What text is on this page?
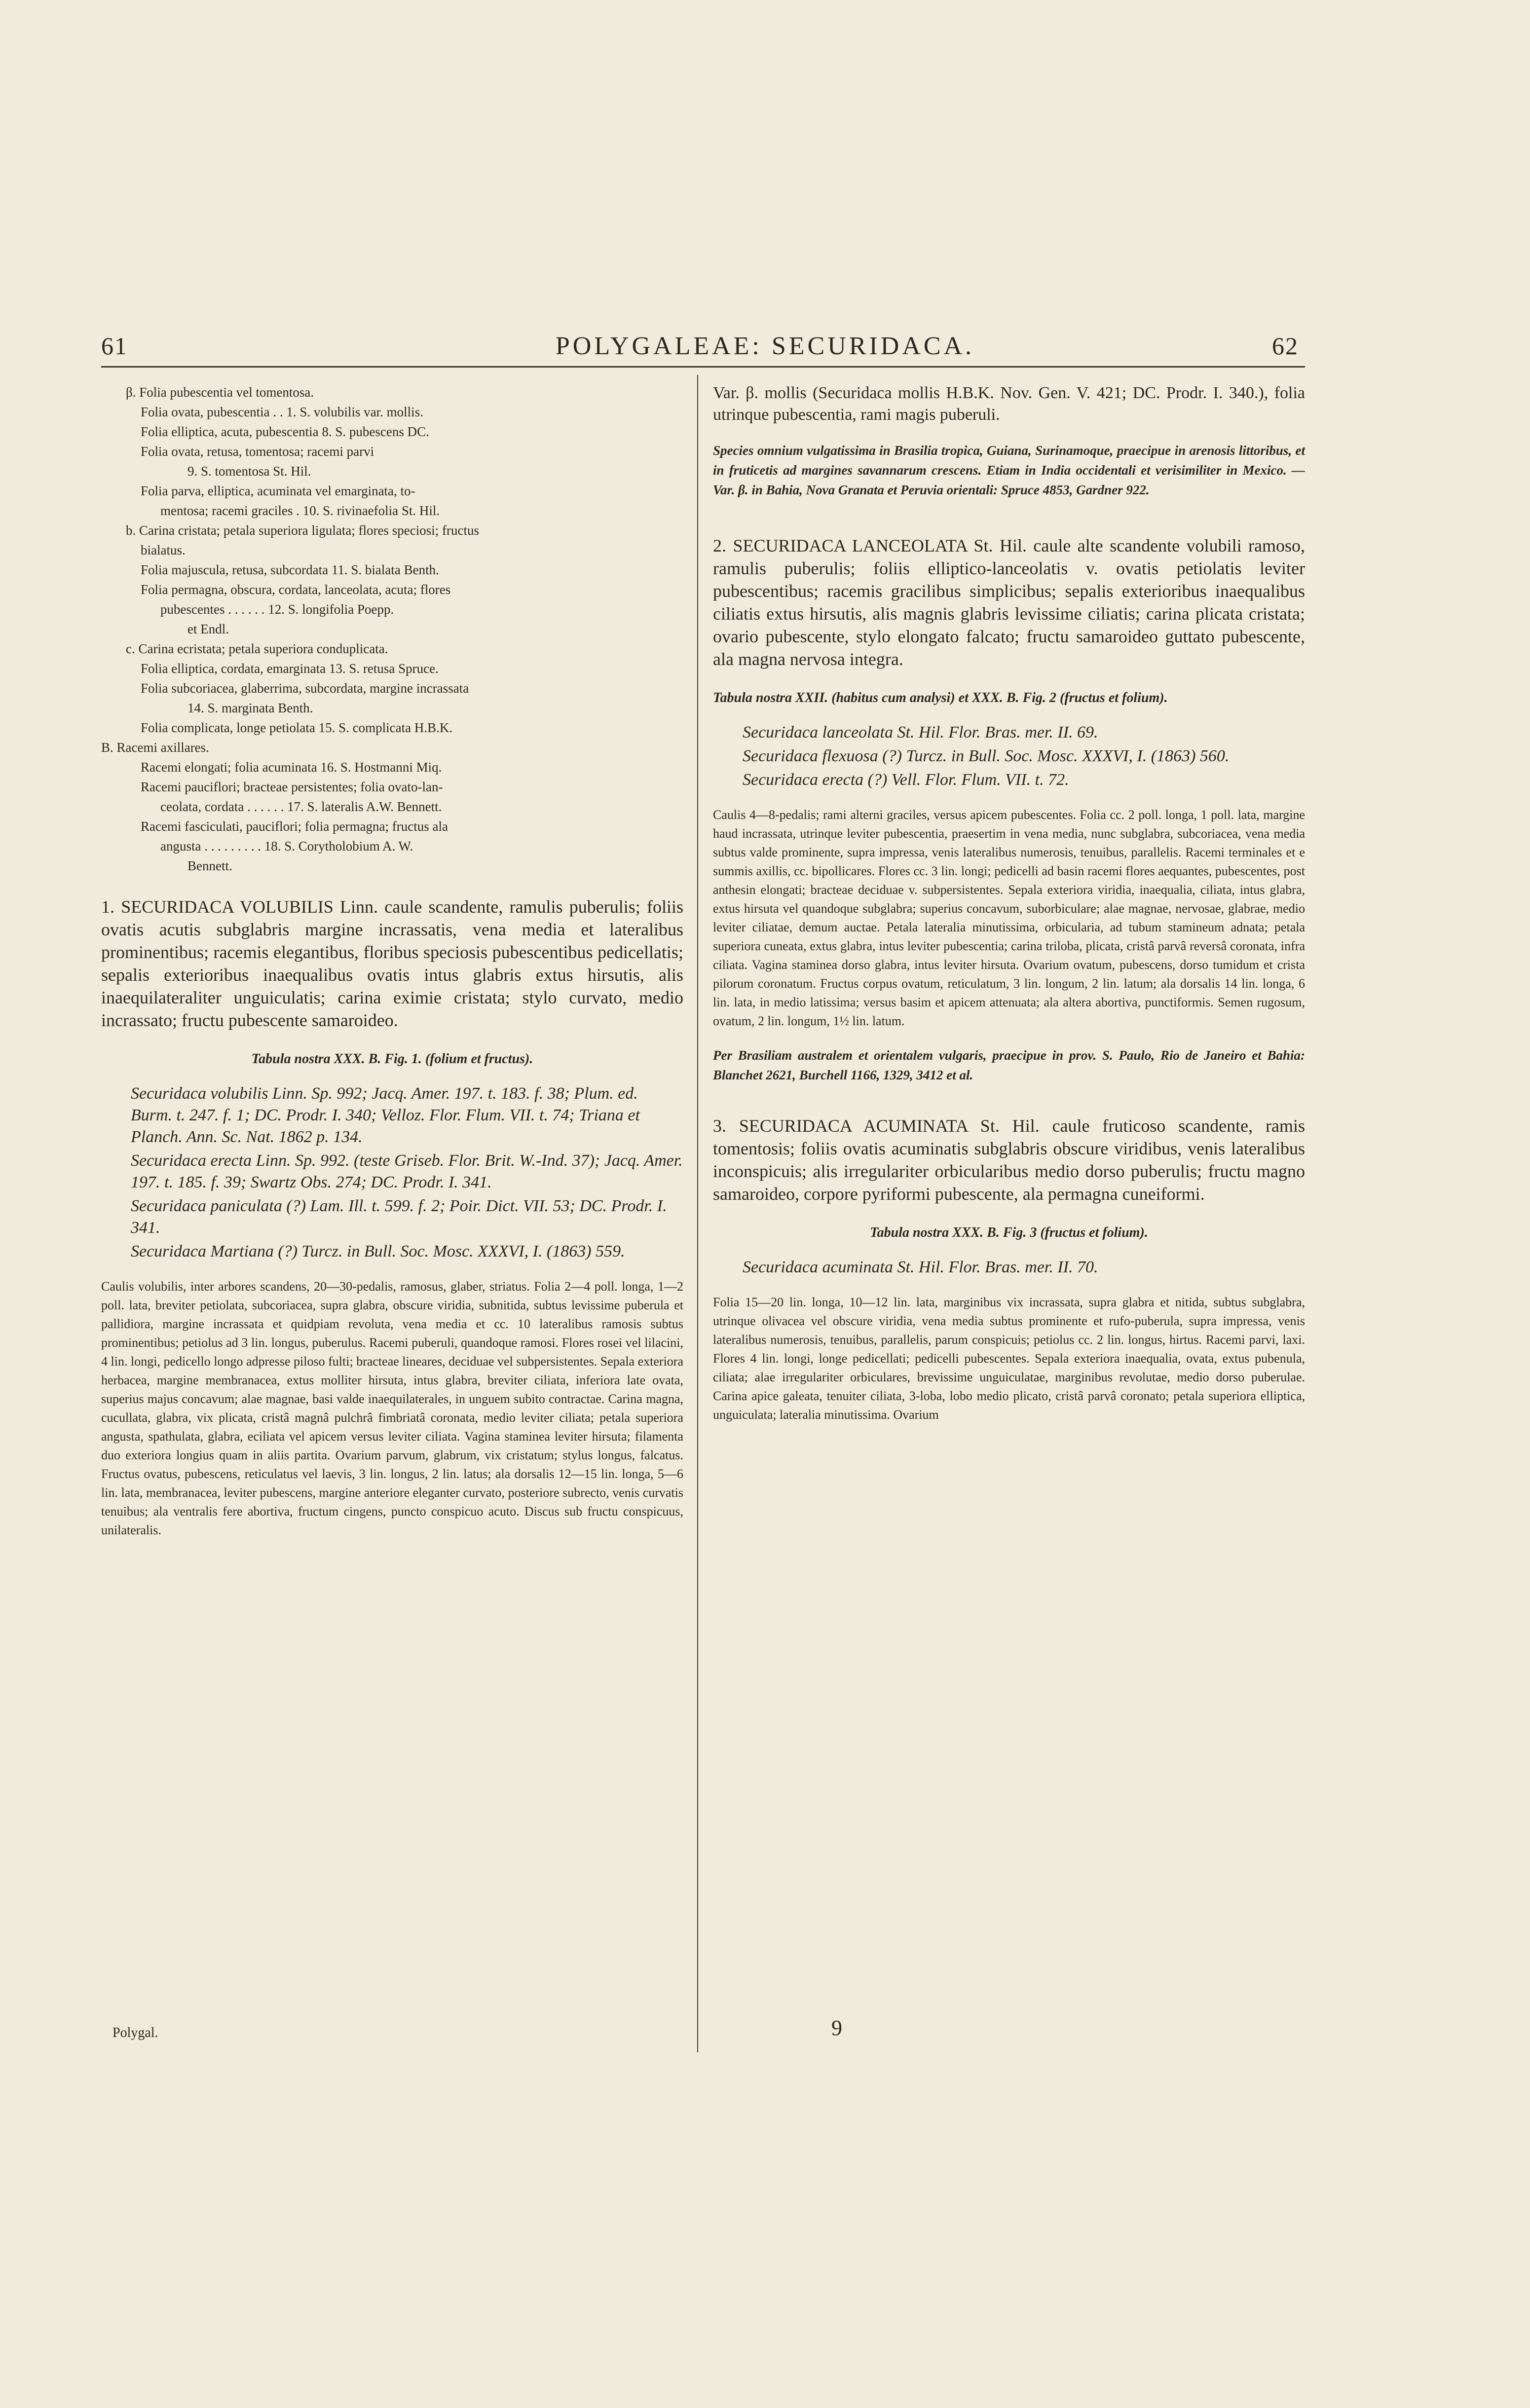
61	POLYGALEAE: SECURIDACA.	62
β. Folia pubescentia vel tomentosa.
Folia ovata, pubescentia . . 1. S. volubilis var. mollis.
Folia elliptica, acuta, pubescentia 8. S. pubescens DC.
Folia ovata, retusa, tomentosa; racemi parvi
9. S. tomentosa St. Hil.
Folia parva, elliptica, acuminata vel emarginata, to-
mentosa; racemi graciles . 10. S. rivinaefolia St. Hil.
b. Carina cristata; petala superiora ligulata; flores speciosi; fructus
bialatus.
Folia majuscula, retusa, subcordata 11. S. bialata Benth.
Folia permagna, obscura, cordata, lanceolata, acuta; flores
pubescentes . . . . . . 12. S. longifolia Poepp.
et Endl.
c. Carina ecristata; petala superiora conduplicata.
Folia elliptica, cordata, emarginata 13. S. retusa Spruce.
Folia subcoriacea, glaberrima, subcordata, margine incrassata
14. S. marginata Benth.
Folia complicata, longe petiolata 15. S. complicata H.B.K.
B. Racemi axillares.
Racemi elongati; folia acuminata 16. S. Hostmanni Miq.
Racemi pauciflori; bracteae persistentes; folia ovato-lan-
ceolata, cordata . . . . . . 17. S. lateralis A.W. Bennett.
Racemi fasciculati, pauciflori; folia permagna; fructus ala
angusta . . . . . . . . . 18. S. Corytholobium A. W.
Bennett.

1. SECURIDACA VOLUBILIS Linn. caule scandente, ramulis puberulis; foliis ovatis acutis subglabris margine incrassatis, vena media et lateralibus prominentibus; racemis elegantibus, floribus speciosis pubescentibus pedicellatis; sepalis exterioribus inaequalibus ovatis intus glabris extus hirsutis, alis inaequilateraliter unguiculatis; carina eximie cristata; stylo curvato, medio incrassato; fructu pubescente samaroideo.

Tabula nostra XXX. B. Fig. 1. (folium et fructus).

Securidaca volubilis Linn. Sp. 992; Jacq. Amer. 197. t. 183. f. 38; Plum. ed. Burm. t. 247. f. 1; DC. Prodr. I. 340; Velloz. Flor. Flum. VII. t. 74; Triana et Planch. Ann. Sc. Nat. 1862 p. 134.

Securidaca erecta Linn. Sp. 992. (teste Griseb. Flor. Brit. W.-Ind. 37); Jacq. Amer. 197. t. 185. f. 39; Swartz Obs. 274; DC. Prodr. I. 341.

Securidaca paniculata (?) Lam. Ill. t. 599. f. 2; Poir. Dict. VII. 53; DC. Prodr. I. 341.

Securidaca Martiana (?) Turcz. in Bull. Soc. Mosc. XXXVI, I. (1863) 559.

Caulis volubilis, inter arbores scandens, 20—30-pedalis, ramosus, glaber, striatus. Folia 2—4 poll. longa, 1—2 poll. lata, breviter petiolata, subcoriacea, supra glabra, obscure viridia, subnitida, subtus levissime puberula et pallidiora, margine incrassata et quidpiam revoluta, vena media et cc. 10 lateralibus ramosis subtus prominentibus; petiolus ad 3 lin. longus, puberulus. Racemi puberuli, quandoque ramosi. Flores rosei vel lilacini, 4 lin. longi, pedicello longo adpresse piloso fulti; bracteae lineares, deciduae vel subpersistentes. Sepala exteriora herbacea, margine membranacea, extus molliter hirsuta, intus glabra, breviter ciliata, inferiora late ovata, superius majus concavum; alae magnae, basi valde inaequilaterales, in unguem subito contractae. Carina magna, cucullata, glabra, vix plicata, cristâ magnâ pulchrâ fimbriatâ coronata, medio leviter ciliata; petala superiora angusta, spathulata, glabra, eciliata vel apicem versus leviter ciliata. Vagina staminea leviter hirsuta; filamenta duo exteriora longius quam in aliis partita. Ovarium parvum, glabrum, vix cristatum; stylus longus, falcatus. Fructus ovatus, pubescens, reticulatus vel laevis, 3 lin. longus, 2 lin. latus; ala dorsalis 12—15 lin. longa, 5—6 lin. lata, membranacea, leviter pubescens, margine anteriore eleganter curvato, posteriore subrecto, venis curvatis tenuibus; ala ventralis fere abortiva, fructum cingens, puncto conspicuo acuto. Discus sub fructu conspicuus, unilateralis.

Polygal.

Var. β. mollis (Securidaca mollis H.B.K. Nov. Gen. V. 421; DC. Prodr. I. 340.), folia utrinque pubescentia, rami magis puberuli.

Species omnium vulgatissima in Brasilia tropica, Guiana, Surinamoque, praecipue in arenosis littoribus, et in fruticetis ad margines savannarum crescens. Etiam in India occidentali et verisimiliter in Mexico. — Var. β. in Bahia, Nova Granata et Peruvia orientali: Spruce 4853, Gardner 922.

2. SECURIDACA LANCEOLATA St. Hil. caule alte scandente volubili ramoso, ramulis puberulis; foliis elliptico-lanceolatis v. ovatis petiolatis leviter pubescentibus; racemis gracilibus simplicibus; sepalis exterioribus inaequalibus ciliatis extus hirsutis, alis magnis glabris levissime ciliatis; carina plicata cristata; ovario pubescente, stylo elongato falcato; fructu samaroideo guttato pubescente, ala magna nervosa integra.

Tabula nostra XXII. (habitus cum analysi) et XXX. B. Fig. 2 (fructus et folium).

Securidaca lanceolata St. Hil. Flor. Bras. mer. II. 69.

Securidaca flexuosa (?) Turcz. in Bull. Soc. Mosc. XXXVI, I. (1863) 560.

Securidaca erecta (?) Vell. Flor. Flum. VII. t. 72.

Caulis 4—8-pedalis; rami alterni graciles, versus apicem pubescentes. Folia cc. 2 poll. longa, 1 poll. lata, margine haud incrassata, utrinque leviter pubescentia, praesertim in vena media, nunc subglabra, subcoriacea, vena media subtus valde prominente, supra impressa, venis lateralibus numerosis, tenuibus, parallelis. Racemi terminales et e summis axillis, cc. bipollicares. Flores cc. 3 lin. longi; pedicelli ad basin racemi flores aequantes, pubescentes, post anthesin elongati; bracteae deciduae v. subpersistentes. Sepala exteriora viridia, inaequalia, ciliata, intus glabra, extus hirsuta vel quandoque subglabra; superius concavum, suborbiculare; alae magnae, nervosae, glabrae, medio leviter ciliatae, demum auctae. Petala lateralia minutissima, orbicularia, ad tubum stamineum adnata; petala superiora cuneata, extus glabra, intus leviter pubescentia; carina triloba, plicata, cristâ parvâ reversâ coronata, infra ciliata. Vagina staminea dorso glabra, intus leviter hirsuta. Ovarium ovatum, pubescens, dorso tumidum et crista pilorum coronatum. Fructus corpus ovatum, reticulatum, 3 lin. longum, 2 lin. latum; ala dorsalis 14 lin. longa, 6 lin. lata, in medio latissima; versus basim et apicem attenuata; ala altera abortiva, punctiformis. Semen rugosum, ovatum, 2 lin. longum, 1½ lin. latum.

Per Brasiliam australem et orientalem vulgaris, praecipue in prov. S. Paulo, Rio de Janeiro et Bahia: Blanchet 2621, Burchell 1166, 1329, 3412 et al.

3. SECURIDACA ACUMINATA St. Hil. caule fruticoso scandente, ramis tomentosis; foliis ovatis acuminatis subglabris obscure viridibus, venis lateralibus inconspicuis; alis irregulariter orbicularibus medio dorso puberulis; fructu magno samaroideo, corpore pyriformi pubescente, ala permagna cuneiformi.

Tabula nostra XXX. B. Fig. 3 (fructus et folium).

Securidaca acuminata St. Hil. Flor. Bras. mer. II. 70.

Folia 15—20 lin. longa, 10—12 lin. lata, marginibus vix incrassata, supra glabra et nitida, subtus subglabra, utrinque olivacea vel obscure viridia, vena media subtus prominente et rufo-puberula, supra impressa, venis lateralibus numerosis, tenuibus, parallelis, parum conspicuis; petiolus cc. 2 lin. longus, hirtus. Racemi parvi, laxi. Flores 4 lin. longi, longe pedicellati; pedicelli pubescentes. Sepala exteriora inaequalia, ovata, extus pubenula, ciliata; alae irregulariter orbiculares, brevissime unguiculatae, marginibus revolutae, medio dorso puberulae. Carina apice galeata, tenuiter ciliata, 3-loba, lobo medio plicato, cristâ parvâ coronato; petala superiora elliptica, unguiculata; lateralia minutissima. Ovarium

9
